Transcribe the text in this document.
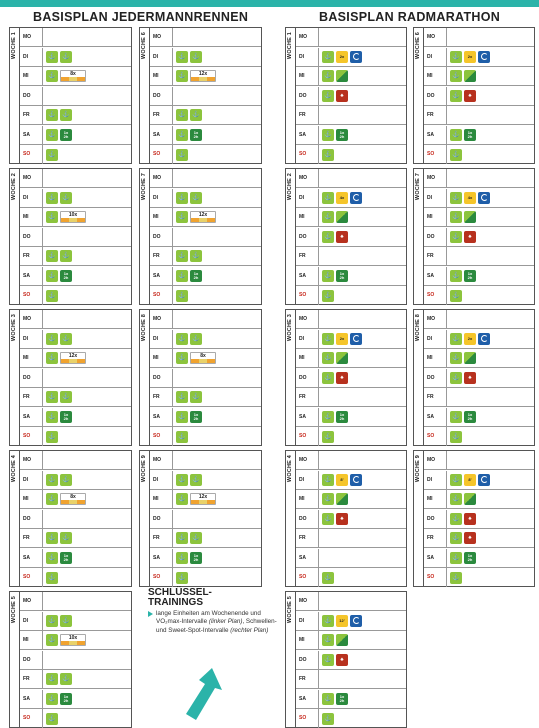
BASISPLAN JEDERMANNRENNEN	BASISPLAN RADMARATHON
WOCHE 1 MO
DI	⚓	⚓
MI	⚓	8x
DO
FR	⚓	⚓
SA	⚓	1x
2h
SO	⚓
WOCHE 2 MO
DI	⚓	⚓
MI	⚓	10x
DO
FR	⚓	⚓
SA	⚓	1x
2h
SO	⚓
WOCHE 3 MO
DI	⚓	⚓
MI	⚓	12x
DO
FR	⚓	⚓
SA	⚓	1x
2h
SO	⚓
WOCHE 4 MO
DI	⚓	⚓
MI	⚓	8x
DO
FR	⚓	⚓
SA	⚓	1x
2h
SO	⚓
WOCHE 5 MO
DI	⚓	⚓
MI	⚓	10x
DO
FR	⚓	⚓
SA	⚓	1x
2h
SO	⚓
WOCHE 6 MO
DI	⚓	⚓
MI	⚓	12x
DO
FR	⚓	⚓
SA	⚓	1x
2h
SO	⚓
WOCHE 7 MO
DI	⚓	⚓
MI	⚓	12x
DO
FR	⚓	⚓
SA	⚓	1x
2h
SO	⚓
WOCHE 8 MO
DI	⚓	⚓
MI	⚓	8x
DO
FR	⚓	⚓
SA	⚓	1x
2h
SO	⚓
WOCHE 9 MO
DI	⚓	⚓
MI	⚓	12x
DO
FR	⚓	⚓
SA	⚓	1x
2h
SO	⚓
WOCHE 1 MO
DI	⚓	2x
MI	⚓
DO	⚓	♠
FR
SA	⚓	1x
2h
SO	⚓
WOCHE 2 MO
DI	⚓	4x
MI	⚓
DO	⚓	♠
FR
SA	⚓	1x
2h
SO	⚓
WOCHE 3 MO
DI	⚓	2x
MI	⚓
DO	⚓	♠
FR
SA	⚓	1x
2h
SO	⚓
WOCHE 4 MO
DI	⚓	8'
MI	⚓
DO	⚓	♠
FR
SA
SO	⚓
WOCHE 5 MO
DI	⚓	12'
MI	⚓
DO	⚓	♠
FR
SA	⚓	1x
2h
SO	⚓
WOCHE 6 MO
DI	⚓	2x
MI	⚓
DO	⚓	♠
FR
SA	⚓	1x
2h
SO	⚓
WOCHE 7 MO
DI	⚓	4x
MI	⚓
DO	⚓	♠
FR
SA	⚓	1x
2h
SO	⚓
WOCHE 8 MO
DI	⚓	2x
MI	⚓
DO	⚓	♠
FR
SA	⚓	1x
2h
SO	⚓
WOCHE 9 MO
DI	⚓	8'
MI	⚓
DO	⚓	♠
FR	⚓	♠
SA	⚓	1x
2h
SO	⚓
SCHLÜSSEL-
TRAININGS

lange Einheiten am Wochenende und VO₂max-Intervalle (linker Plan), Schwellen- und Sweet-Spot-Intervalle (rechter Plan)
